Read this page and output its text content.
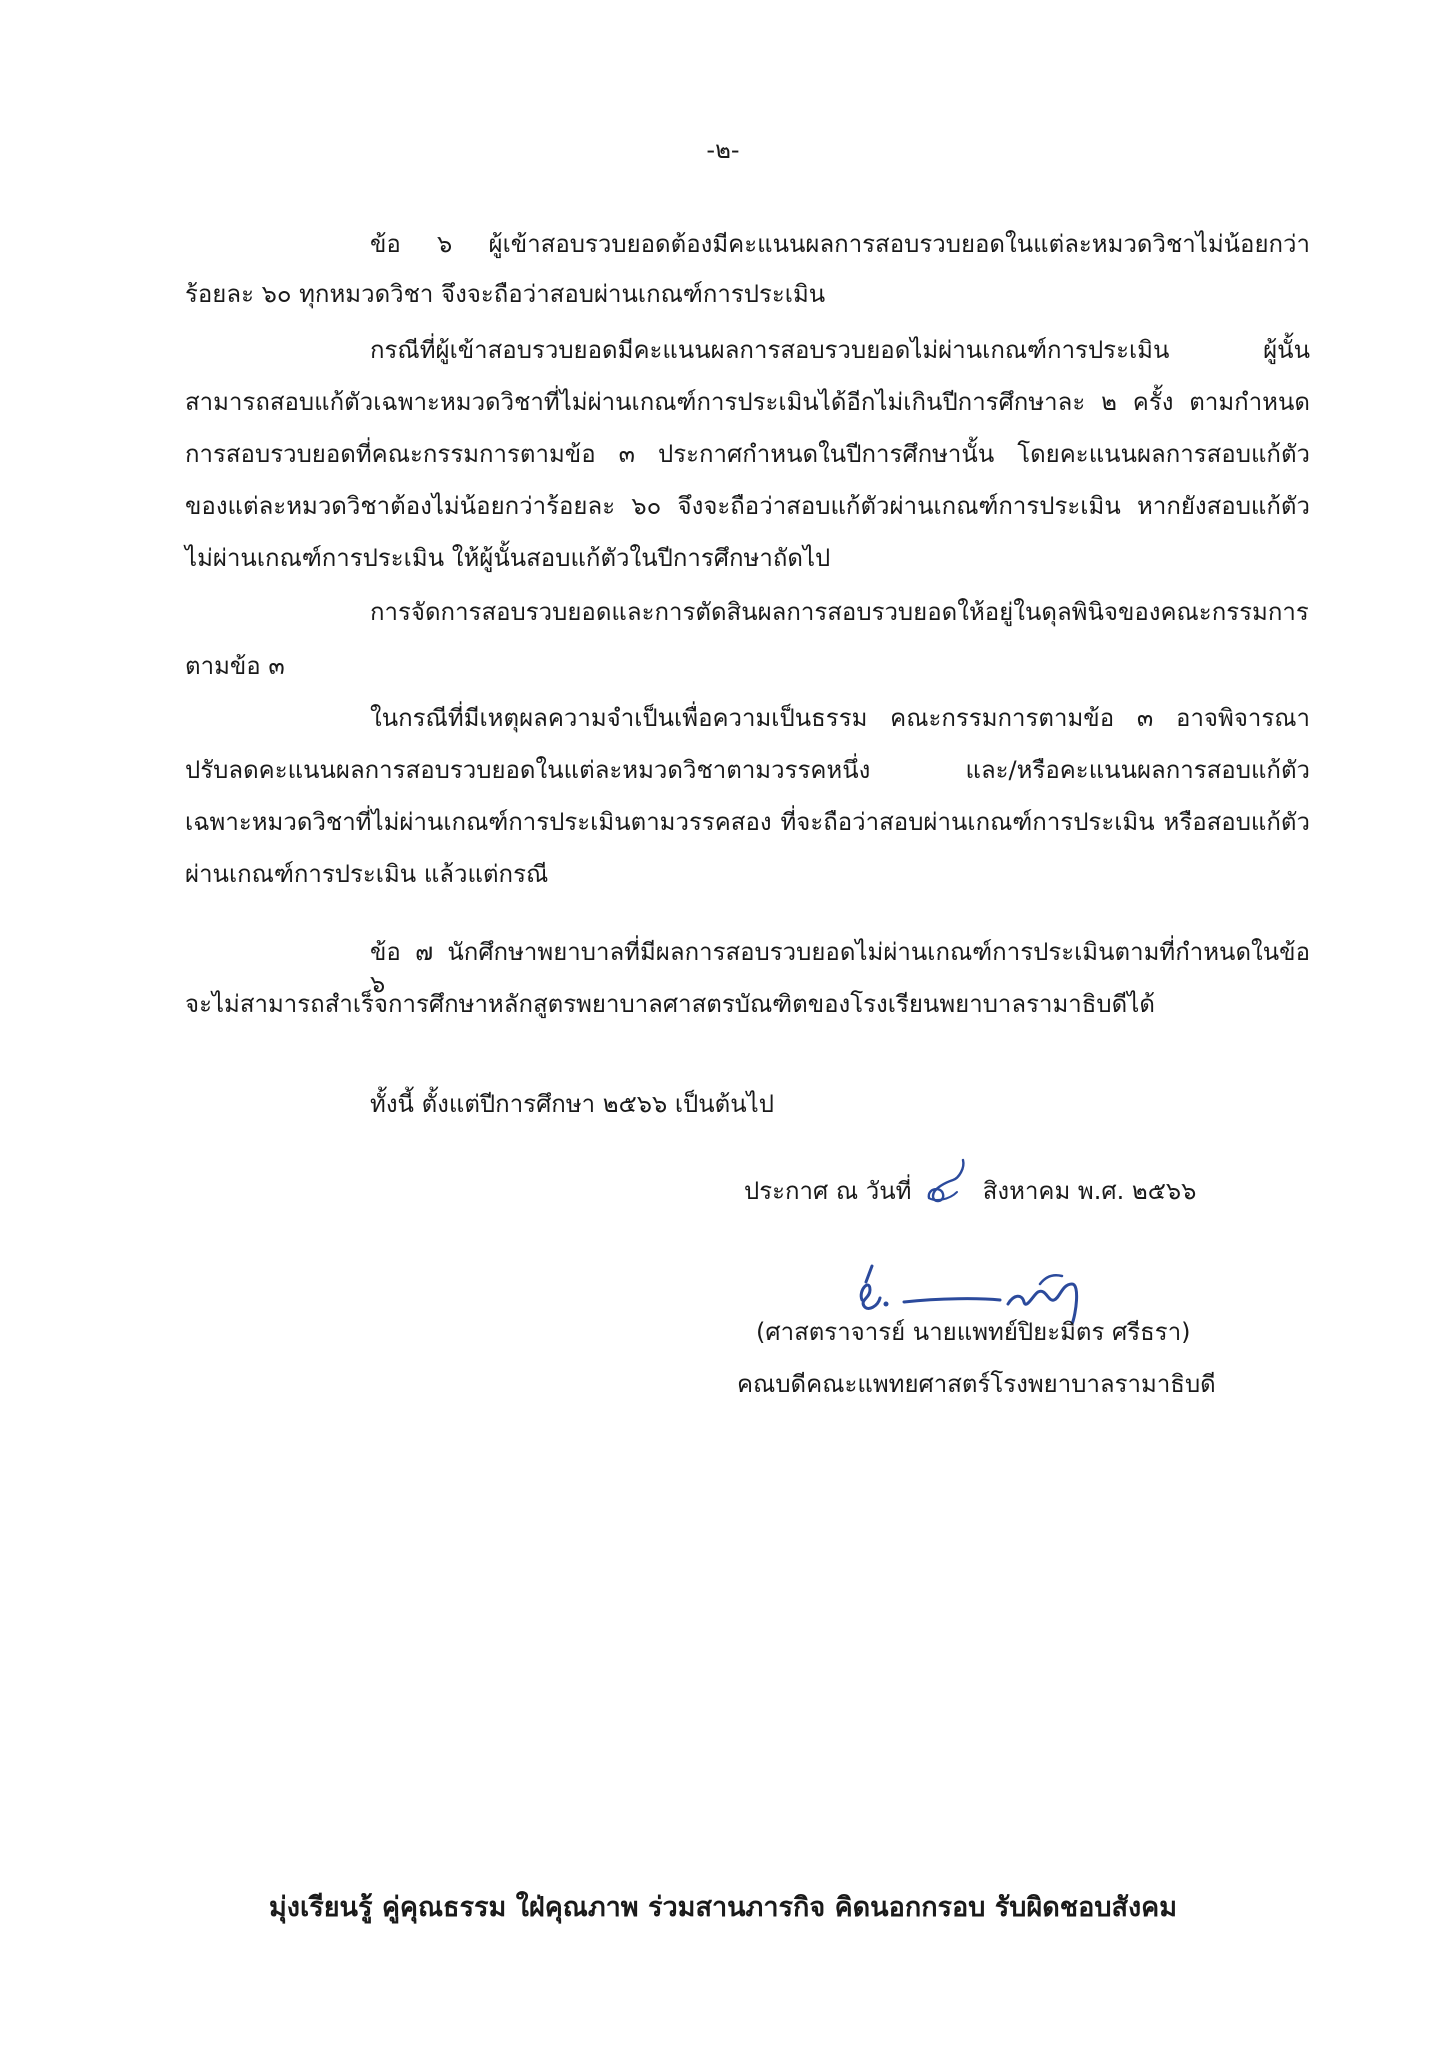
-๒-
ข้อ ๖ ผู้เข้าสอบรวบยอดต้องมีคะแนนผลการสอบรวบยอดในแต่ละหมวดวิชาไม่น้อยกว่า
ร้อยละ ๖๐ ทุกหมวดวิชา จึงจะถือว่าสอบผ่านเกณฑ์การประเมิน
กรณีที่ผู้เข้าสอบรวบยอดมีคะแนนผลการสอบรวบยอดไม่ผ่านเกณฑ์การประเมิน ผู้นั้น
สามารถสอบแก้ตัวเฉพาะหมวดวิชาที่ไม่ผ่านเกณฑ์การประเมินได้อีกไม่เกินปีการศึกษาละ ๒ ครั้ง ตามกำหนด
การสอบรวบยอดที่คณะกรรมการตามข้อ ๓ ประกาศกำหนดในปีการศึกษานั้น โดยคะแนนผลการสอบแก้ตัว
ของแต่ละหมวดวิชาต้องไม่น้อยกว่าร้อยละ ๖๐ จึงจะถือว่าสอบแก้ตัวผ่านเกณฑ์การประเมิน หากยังสอบแก้ตัว
ไม่ผ่านเกณฑ์การประเมิน ให้ผู้นั้นสอบแก้ตัวในปีการศึกษาถัดไป
การจัดการสอบรวบยอดและการตัดสินผลการสอบรวบยอดให้อยู่ในดุลพินิจของคณะกรรมการ
ตามข้อ ๓
ในกรณีที่มีเหตุผลความจำเป็นเพื่อความเป็นธรรม คณะกรรมการตามข้อ ๓ อาจพิจารณา
ปรับลดคะแนนผลการสอบรวบยอดในแต่ละหมวดวิชาตามวรรคหนึ่ง และ/หรือคะแนนผลการสอบแก้ตัว
เฉพาะหมวดวิชาที่ไม่ผ่านเกณฑ์การประเมินตามวรรคสอง ที่จะถือว่าสอบผ่านเกณฑ์การประเมิน หรือสอบแก้ตัว
ผ่านเกณฑ์การประเมิน แล้วแต่กรณี
ข้อ ๗ นักศึกษาพยาบาลที่มีผลการสอบรวบยอดไม่ผ่านเกณฑ์การประเมินตามที่กำหนดในข้อ ๖
จะไม่สามารถสำเร็จการศึกษาหลักสูตรพยาบาลศาสตรบัณฑิตของโรงเรียนพยาบาลรามาธิบดีได้
ทั้งนี้ ตั้งแต่ปีการศึกษา ๒๕๖๖ เป็นต้นไป
ประกาศ ณ วันที่	สิงหาคม พ.ศ. ๒๕๖๖
(ศาสตราจารย์ นายแพทย์ปิยะมิตร ศรีธรา)
คณบดีคณะแพทยศาสตร์โรงพยาบาลรามาธิบดี
มุ่งเรียนรู้ คู่คุณธรรม ใฝ่คุณภาพ ร่วมสานภารกิจ คิดนอกกรอบ รับผิดชอบสังคม
